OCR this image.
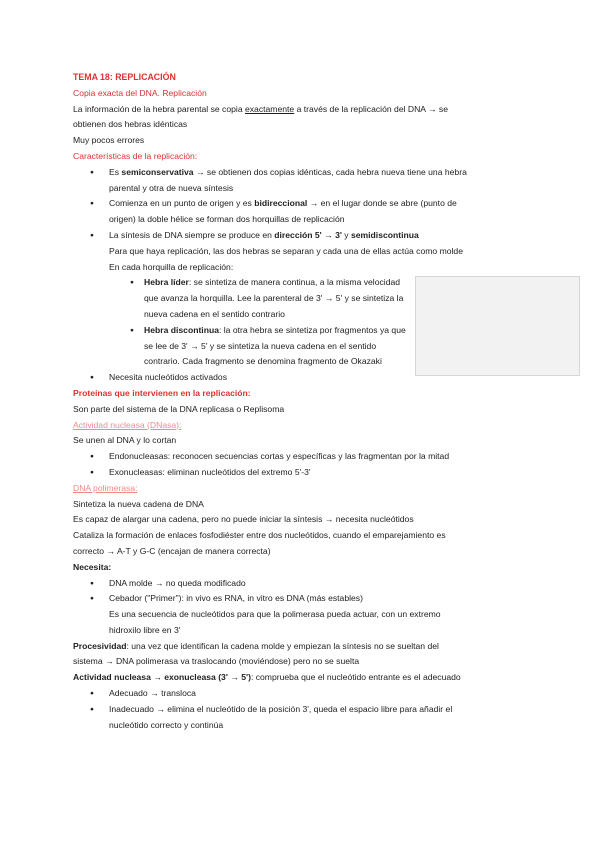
TEMA 18: REPLICACIÓN
Copia exacta del DNA. Replicación
La información de la hebra parental se copia exactamente a través de la replicación del DNA → se
obtienen dos hebras idénticas
Muy pocos errores
Características de la replicación:
● Es semiconservativa → se obtienen dos copias idénticas, cada hebra nueva tiene una hebra
parental y otra de nueva síntesis
● Comienza en un punto de origen y es bidireccional → en el lugar donde se abre (punto de
origen) la doble hélice se forman dos horquillas de replicación
● La síntesis de DNA siempre se produce en dirección 5' → 3' y semidiscontinua
Para que haya replicación, las dos hebras se separan y cada una de ellas actúa como molde
En cada horquilla de replicación:
● Hebra líder: se sintetiza de manera continua, a la misma velocidad que avanza la horquilla. Lee la parenteral de 3' → 5' y se sintetiza la nueva cadena en el sentido contrario
● Hebra discontinua: la otra hebra se sintetiza por fragmentos ya que se lee de 3' → 5' y se sintetiza la nueva cadena en el sentido contrario. Cada fragmento se denomina fragmento de Okazaki
● Necesita nucleótidos activados
Proteínas que intervienen en la replicación:
Son parte del sistema de la DNA replicasa o Replisoma
Actividad nucleasa (DNasa):
Se unen al DNA y lo cortan
● Endonucleasas: reconocen secuencias cortas y específicas y las fragmentan por la mitad
● Exonucleasas: eliminan nucleótidos del extremo 5'-3'
DNA polimerasa:
Sintetiza la nueva cadena de DNA
Es capaz de alargar una cadena, pero no puede iniciar la síntesis → necesita nucleótidos
Cataliza la formación de enlaces fosfodiéster entre dos nucleótidos, cuando el emparejamiento es
correcto → A-T y G-C (encajan de manera correcta)
Necesita:
● DNA molde → no queda modificado
● Cebador ("Primer"): in vivo es RNA, in vitro es DNA (más estables)
Es una secuencia de nucleótidos para que la polimerasa pueda actuar, con un extremo
hidroxilo libre en 3'
Procesividad: una vez que identifican la cadena molde y empiezan la síntesis no se sueltan del
sistema → DNA polimerasa va traslocando (moviéndose) pero no se suelta
Actividad nucleasa → exonucleasa (3' → 5'): comprueba que el nucleótido entrante es el adecuado
● Adecuado → transloca
● Inadecuado → elimina el nucleótido de la posición 3', queda el espacio libre para añadir el
nucleótido correcto y continúa
